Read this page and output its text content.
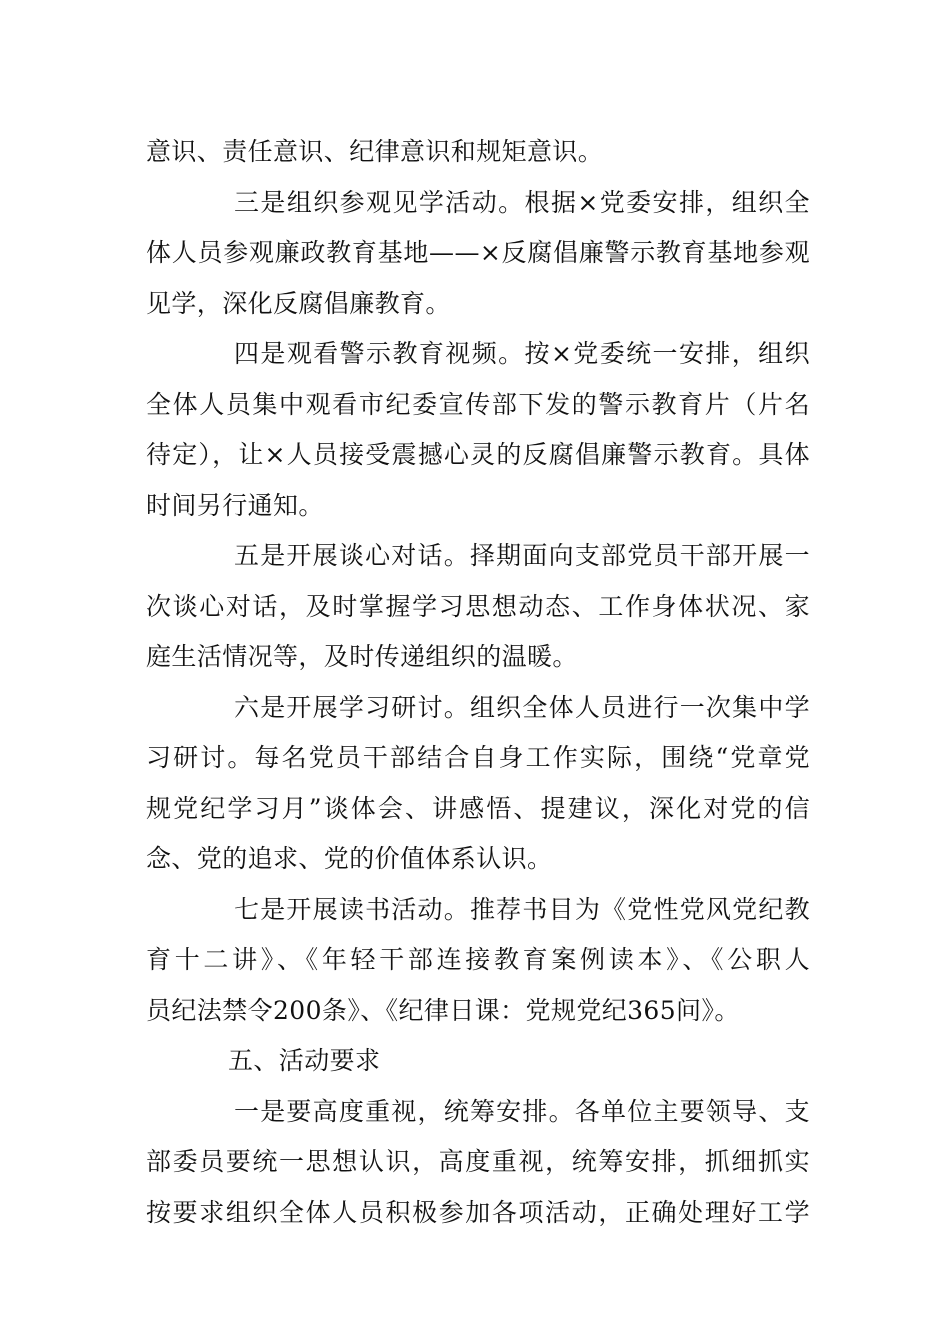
意识、责任意识、纪律意识和规矩意识。
三是组织参观见学活动。根据×党委安排，组织全
体人员参观廉政教育基地——×反腐倡廉警示教育基地参观
见学，深化反腐倡廉教育。
四是观看警示教育视频。按×党委统一安排，组织
全体人员集中观看市纪委宣传部下发的警示教育片（片名
待定），让×人员接受震撼心灵的反腐倡廉警示教育。具体
时间另行通知。
五是开展谈心对话。择期面向支部党员干部开展一
次谈心对话，及时掌握学习思想动态、工作身体状况、家
庭生活情况等，及时传递组织的温暖。
六是开展学习研讨。组织全体人员进行一次集中学
习研讨。每名党员干部结合自身工作实际，围绕“党章党
规党纪学习月”谈体会、讲感悟、提建议，深化对党的信
念、党的追求、党的价值体系认识。
七是开展读书活动。推荐书目为《党性党风党纪教
育十二讲》、《年轻干部连接教育案例读本》、《公职人
员纪法禁令200条》、《纪律日课：党规党纪365问》。
五、活动要求
一是要高度重视，统筹安排。各单位主要领导、支
部委员要统一思想认识，高度重视，统筹安排，抓细抓实
按要求组织全体人员积极参加各项活动，正确处理好工学
